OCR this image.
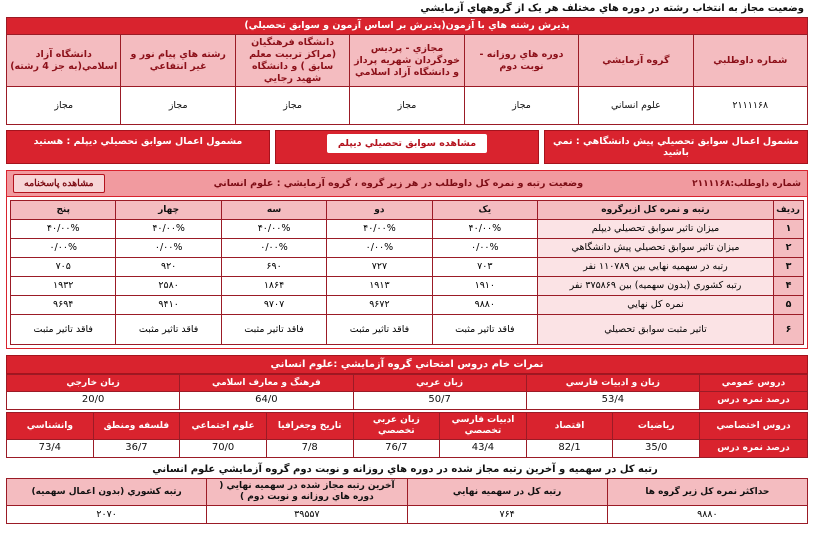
وضعیت مجاز به انتخاب رشته در دوره هاي مختلف هر يک از گروههاي آزمايشي
پذيرش رشته هاي با آزمون(پذيرش بر اساس آزمون و سوابق تحصيلي)						
شماره داوطلبي	گروه آزمايشي	دوره هاي روزانه - نوبت دوم	مجازي - پرديس خودگردان شهريه پرداز و دانشگاه آزاد اسلامي	دانشگاه فرهنگيان (مراکز تربيت معلم سابق ) و دانشگاه شهيد رجايي	رشته هاي پيام نور و غير انتفاعي	دانشگاه آزاد اسلامي(به جز 4 رشته)
۲۱۱۱۱۶۸	علوم انساني	مجاز	مجاز	مجاز	مجاز	مجاز
مشمول اعمال سوابق تحصيلي پيش دانشگاهي : نمي باشيد
مشاهده سوابق تحصيلي ديپلم
مشمول اعمال سوابق تحصيلي ديپلم : هستيد
شماره داوطلب:۲۱۱۱۱۶۸
وضعيت رتبه و نمره کل داوطلب در هر زير گروه ، گروه آزمايشي : علوم انساني
مشاهده پاسخنامه
رديف	رتبه و نمره کل ازيرگروه	يک	دو	سه	چهار	پنج
۱	ميزان تاثير سوابق تحصيلي ديپلم	۴۰/۰۰%	۴۰/۰۰%	۴۰/۰۰%	۴۰/۰۰%	۴۰/۰۰%
۲	ميزان تاثير سوابق تحصيلي پيش دانشگاهي	۰/۰۰%	۰/۰۰%	۰/۰۰%	۰/۰۰%	۰/۰۰%
۳	رتبه در سهميه نهايي بين ۱۱۰۷۸۹ نفر	۷۰۳	۷۲۷	۶۹۰	۹۲۰	۷۰۵
۴	رتبه کشوري (بدون سهميه) بين ۳۷۵۸۶۹ نفر	۱۹۱۰	۱۹۱۳	۱۸۶۴	۲۵۸۰	۱۹۳۲
۵	نمره کل نهايي	۹۸۸۰	۹۶۷۲	۹۷۰۷	۹۴۱۰	۹۶۹۴
۶	تاثير مثبت سوابق تحصيلي	فاقد تاثير مثبت	فاقد تاثير مثبت	فاقد تاثير مثبت	فاقد تاثير مثبت	فاقد تاثير مثبت
نمرات خام دروس امتحاني گروه آزمايشي :علوم انساني
دروس عمومي	زبان و ادبيات فارسي	زبان عربي	فرهنگ و معارف اسلامي	زبان خارجي
درصد نمره درس	53/4	50/7	64/0	20/0
دروس اختصاصي	رياضيات	اقتصاد	ادبيات فارسي تخصصي	زبان عربي تخصصي	تاريخ وجغرافيا	علوم اجتماعي	فلسفه ومنطق	وانشناسي
درصد نمره درس	35/0	82/1	43/4	76/7	7/8	70/0	36/7	73/4
رتبه کل در سهميه و آخرين رتبه مجاز شده در دوره هاي روزانه و نوبت دوم گروه آزمايشي علوم انساني
حداکثر نمره کل زير گروه ها	رتبه کل در سهميه نهايي	آخرين رتبه مجاز شده در سهميه نهايي ( دوره هاي روزانه و نوبت دوم )	رتبه کشوري (بدون اعمال سهميه)
۹۸۸۰	۷۶۴	۳۹۵۵۷	۲۰۷۰
